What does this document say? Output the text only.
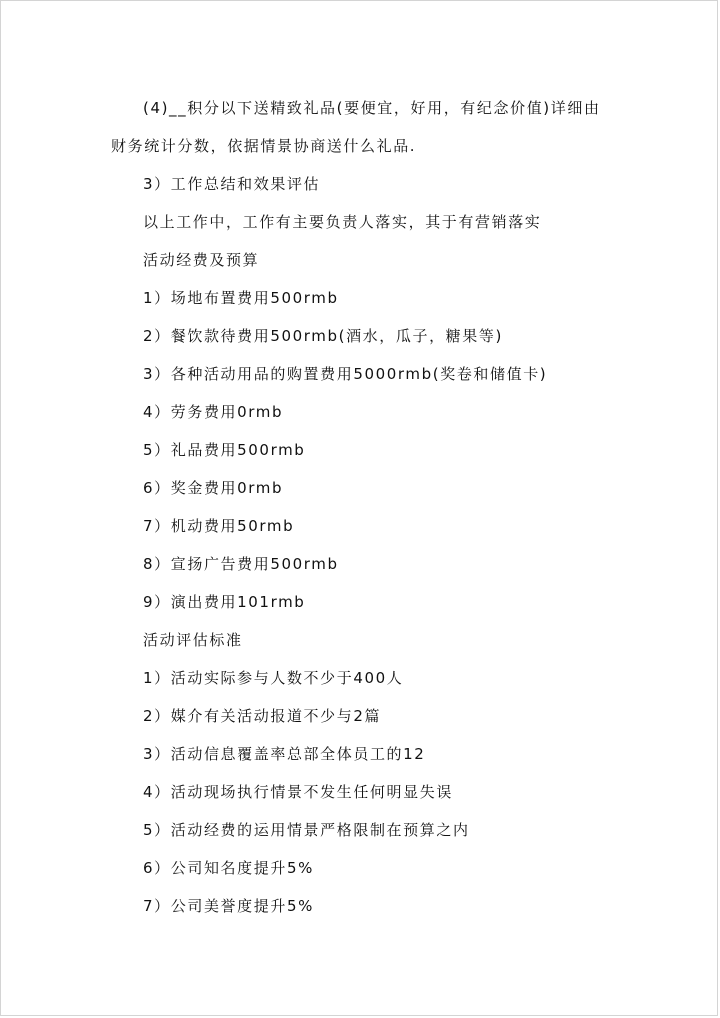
(4)__积分以下送精致礼品(要便宜，好用，有纪念价值)详细由
财务统计分数，依据情景协商送什么礼品.
3）工作总结和效果评估
以上工作中，工作有主要负责人落实，其于有营销落实
活动经费及预算
1）场地布置费用500rmb
2）餐饮款待费用500rmb(酒水，瓜子，糖果等)
3）各种活动用品的购置费用5000rmb(奖卷和储值卡)
4）劳务费用0rmb
5）礼品费用500rmb
6）奖金费用0rmb
7）机动费用50rmb
8）宣扬广告费用500rmb
9）演出费用101rmb
活动评估标准
1）活动实际参与人数不少于400人
2）媒介有关活动报道不少与2篇
3）活动信息覆盖率总部全体员工的12
4）活动现场执行情景不发生任何明显失误
5）活动经费的运用情景严格限制在预算之内
6）公司知名度提升5%
7）公司美誉度提升5%
